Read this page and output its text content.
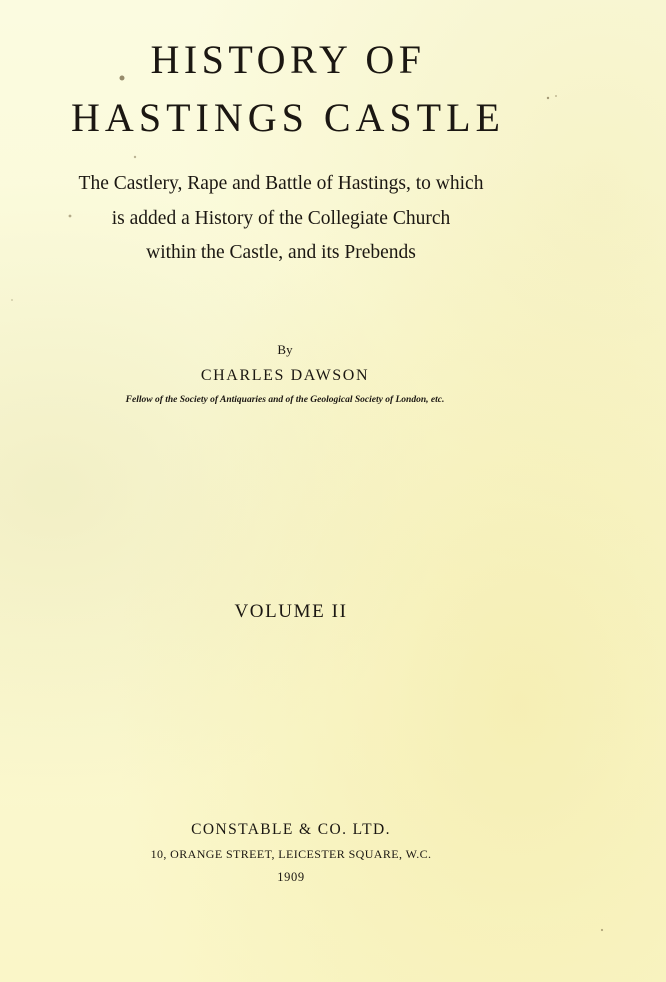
HISTORY OF
HASTINGS CASTLE
The Castlery, Rape and Battle of Hastings, to which
is added a History of the Collegiate Church
within the Castle, and its Prebends
By
CHARLES DAWSON
Fellow of the Society of Antiquaries and of the Geological Society of London, etc.
VOLUME II
CONSTABLE & CO. LTD.
10, ORANGE STREET, LEICESTER SQUARE, W.C.
1909
